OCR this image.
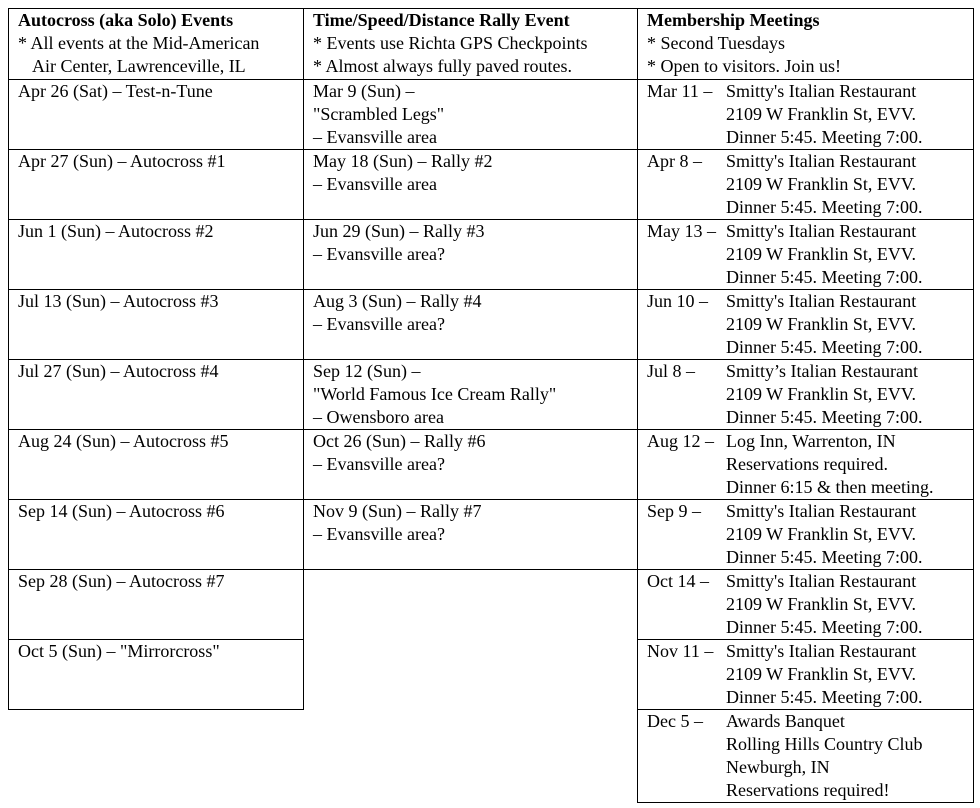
Autocross (aka Solo) Events
* All events at the Mid-American
Air Center, Lawrenceville, IL
Apr 26 (Sat) – Test-n-Tune
Apr 27 (Sun) – Autocross #1
Jun 1 (Sun) – Autocross #2
Jul 13 (Sun) – Autocross #3
Jul 27 (Sun) – Autocross #4
Aug 24 (Sun) – Autocross #5
Sep 14 (Sun) – Autocross #6
Sep 28 (Sun) – Autocross #7
Oct 5 (Sun) – "Mirrorcross"
Time/Speed/Distance Rally Event
* Events use Richta GPS Checkpoints
* Almost always fully paved routes.
Mar 9 (Sun) –
"Scrambled Legs"
– Evansville area
May 18 (Sun) – Rally #2
– Evansville area
Jun 29 (Sun) – Rally #3
– Evansville area?
Aug 3 (Sun) – Rally #4
– Evansville area?
Sep 12 (Sun) –
"World Famous Ice Cream Rally"
– Owensboro area
Oct 26 (Sun) – Rally #6
– Evansville area?
Nov 9 (Sun) – Rally #7
– Evansville area?
Membership Meetings
* Second Tuesdays
* Open to visitors. Join us!
Mar 11 – Smitty's Italian Restaurant
2109 W Franklin St, EVV.
Dinner 5:45. Meeting 7:00.
Apr 8 – Smitty's Italian Restaurant
2109 W Franklin St, EVV.
Dinner 5:45. Meeting 7:00.
May 13 – Smitty's Italian Restaurant
2109 W Franklin St, EVV.
Dinner 5:45. Meeting 7:00.
Jun 10 – Smitty's Italian Restaurant
2109 W Franklin St, EVV.
Dinner 5:45. Meeting 7:00.
Jul 8 – Smitty’s Italian Restaurant
2109 W Franklin St, EVV.
Dinner 5:45. Meeting 7:00.
Aug 12 – Log Inn, Warrenton, IN
Reservations required.
Dinner 6:15 & then meeting.
Sep 9 – Smitty's Italian Restaurant
2109 W Franklin St, EVV.
Dinner 5:45. Meeting 7:00.
Oct 14 – Smitty's Italian Restaurant
2109 W Franklin St, EVV.
Dinner 5:45. Meeting 7:00.
Nov 11 – Smitty's Italian Restaurant
2109 W Franklin St, EVV.
Dinner 5:45. Meeting 7:00.
Dec 5 – Awards Banquet
Rolling Hills Country Club
Newburgh, IN
Reservations required!
